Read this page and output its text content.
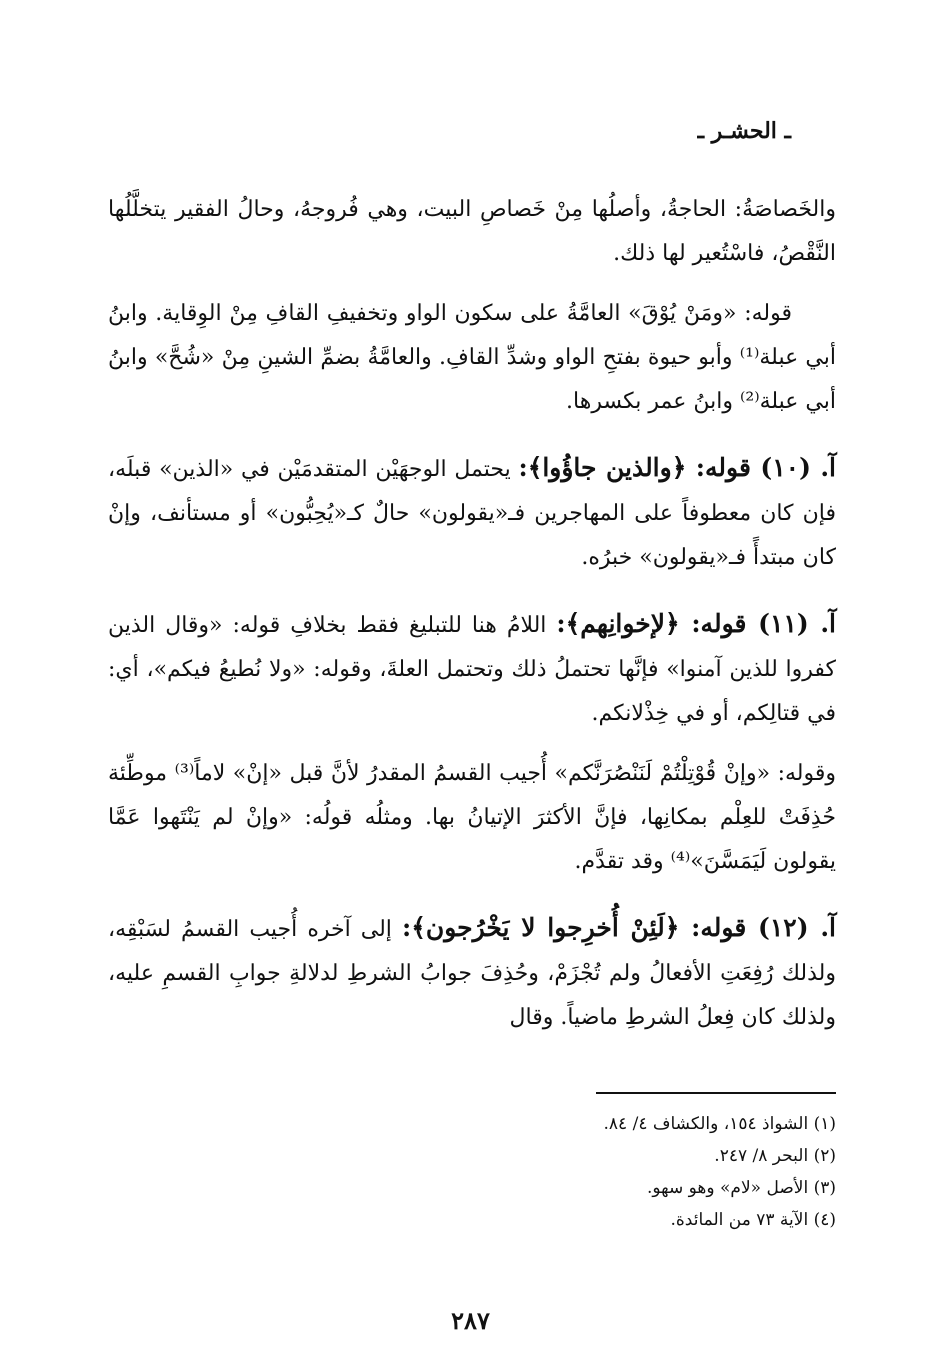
ـ الحشـر ـ

والخَصاصَةُ: الحاجةُ، وأصلُها مِنْ خَصاصِ البيت، وهي فُروجهُ، وحالُ الفقير يتخلَّلُها النَّقْصُ، فاسْتُعير لها ذلك.

قوله: «ومَنْ يُوْقَ» العامَّةُ على سكون الواو وتخفيفِ القافِ مِنْ الوِقاية. وابنُ أبي عبلة⁽¹⁾ وأبو حيوة بفتحِ الواو وشدِّ القافِ. والعامَّةُ بضمِّ الشينِ مِنْ «شُحَّ» وابنُ أبي عبلة⁽²⁾ وابنُ عمر بكسرها.

آ. (١٠) قوله: ﴿والذين جاؤُوا﴾: يحتمل الوجهَيْن المتقدمَيْن في «الذين» قبلَه، فإن كان معطوفاً على المهاجرين فـ«يقولون» حالٌ كـ«يُحِبُّون» أو مستأنف، وإنْ كان مبتدأً فـ«يقولون» خبرُه.

آ. (١١) قوله: ﴿لإخوانِهم﴾: اللامُ هنا للتبليغ فقط بخلافِ قوله: «وقال الذين كفروا للذين آمنوا» فإنَّها تحتملُ ذلك وتحتمل العلةَ، وقوله: «ولا نُطيعُ فيكم»، أي: في قتالِكم، أو في خِذْلانكم.

وقوله: «وإنْ قُوْتِلْتُمْ لَنَنْصُرَنَّكم» أُجيب القسمُ المقدرُ لأنَّ قبل «إنْ» لاماً⁽³⁾ موطِّئة حُذِفَتْ للعِلْم بمكانِها، فإنَّ الأكثرَ الإتيانُ بها. ومثلُه قولُه: «وإنْ لم يَنْتَهوا عَمَّا يقولون لَيَمَسَّنَ»⁽⁴⁾ وقد تقدَّم.

آ. (١٢) قوله: ﴿لَئِنْ أُخرِجوا لا يَخْرُجون﴾: إلى آخره أُجيب القسمُ لسَبْقِه، ولذلك رُفِعَتِ الأفعالُ ولم تُجْزَمْ، وحُذِفَ جوابُ الشرطِ لدلالةِ جوابِ القسمِ عليه، ولذلك كان فِعلُ الشرطِ ماضياً. وقال

(١) الشواذ ١٥٤، والكشاف ٤/ ٨٤.
(٢) البحر ٨/ ٢٤٧.
(٣) الأصل «لام» وهو سهو.
(٤) الآية ٧٣ من المائدة.
٢٨٧
